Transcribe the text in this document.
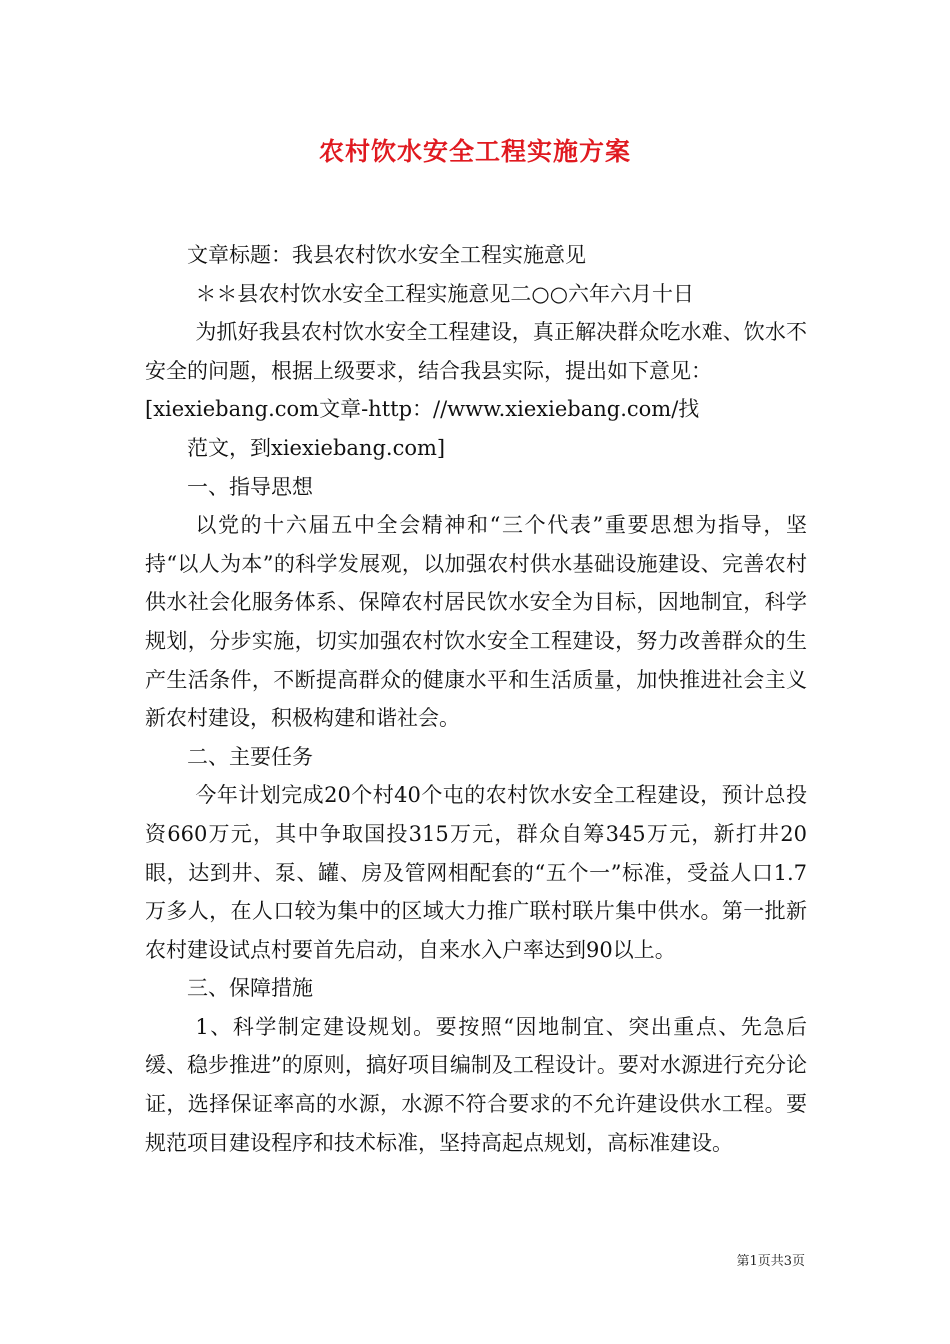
农村饮水安全工程实施方案

文章标题：我县农村饮水安全工程实施意见

＊＊县农村饮水安全工程实施意见二○○六年六月十日

为抓好我县农村饮水安全工程建设，真正解决群众吃水难、饮水不安全的问题，根据上级要求，结合我县实际，提出如下意见：

[xiexiebang.com文章-http：//www.xiexiebang.com/找

范文，到xiexiebang.com]

一、指导思想

以党的十六届五中全会精神和“三个代表”重要思想为指导，坚持“以人为本”的科学发展观，以加强农村供水基础设施建设、完善农村供水社会化服务体系、保障农村居民饮水安全为目标，因地制宜，科学规划，分步实施，切实加强农村饮水安全工程建设，努力改善群众的生产生活条件，不断提高群众的健康水平和生活质量，加快推进社会主义新农村建设，积极构建和谐社会。

二、主要任务

今年计划完成20个村40个屯的农村饮水安全工程建设，预计总投资660万元，其中争取国投315万元，群众自筹345万元，新打井20眼，达到井、泵、罐、房及管网相配套的“五个一”标准，受益人口1.7万多人，在人口较为集中的区域大力推广联村联片集中供水。第一批新农村建设试点村要首先启动，自来水入户率达到90以上。

三、保障措施

1、科学制定建设规划。要按照“因地制宜、突出重点、先急后缓、稳步推进”的原则，搞好项目编制及工程设计。要对水源进行充分论证，选择保证率高的水源，水源不符合要求的不允许建设供水工程。要规范项目建设程序和技术标准，坚持高起点规划，高标准建设。

第1页共3页
